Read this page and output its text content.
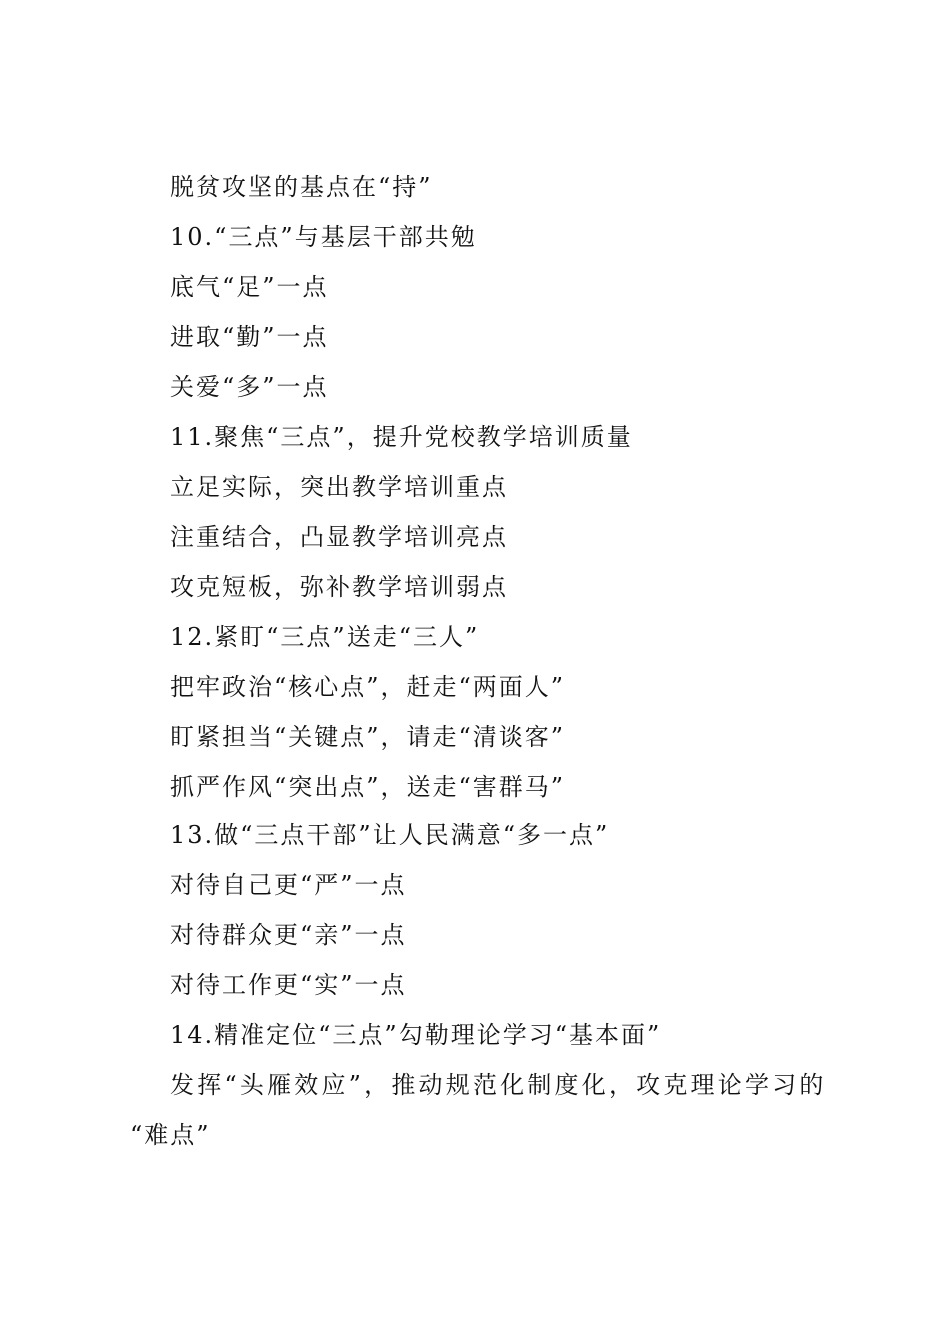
脱贫攻坚的基点在“持”
10.“三点”与基层干部共勉
底气“足”一点
进取“勤”一点
关爱“多”一点
11.聚焦“三点”，提升党校教学培训质量
立足实际，突出教学培训重点
注重结合，凸显教学培训亮点
攻克短板，弥补教学培训弱点
12.紧盯“三点”送走“三人”
把牢政治“核心点”，赶走“两面人”
盯紧担当“关键点”，请走“清谈客”
抓严作风“突出点”，送走“害群马”
13.做“三点干部”让人民满意“多一点”
对待自己更“严”一点
对待群众更“亲”一点
对待工作更“实”一点
14.精准定位“三点”勾勒理论学习“基本面”
发挥“头雁效应”，推动规范化制度化，攻克理论学习的
“难点”
